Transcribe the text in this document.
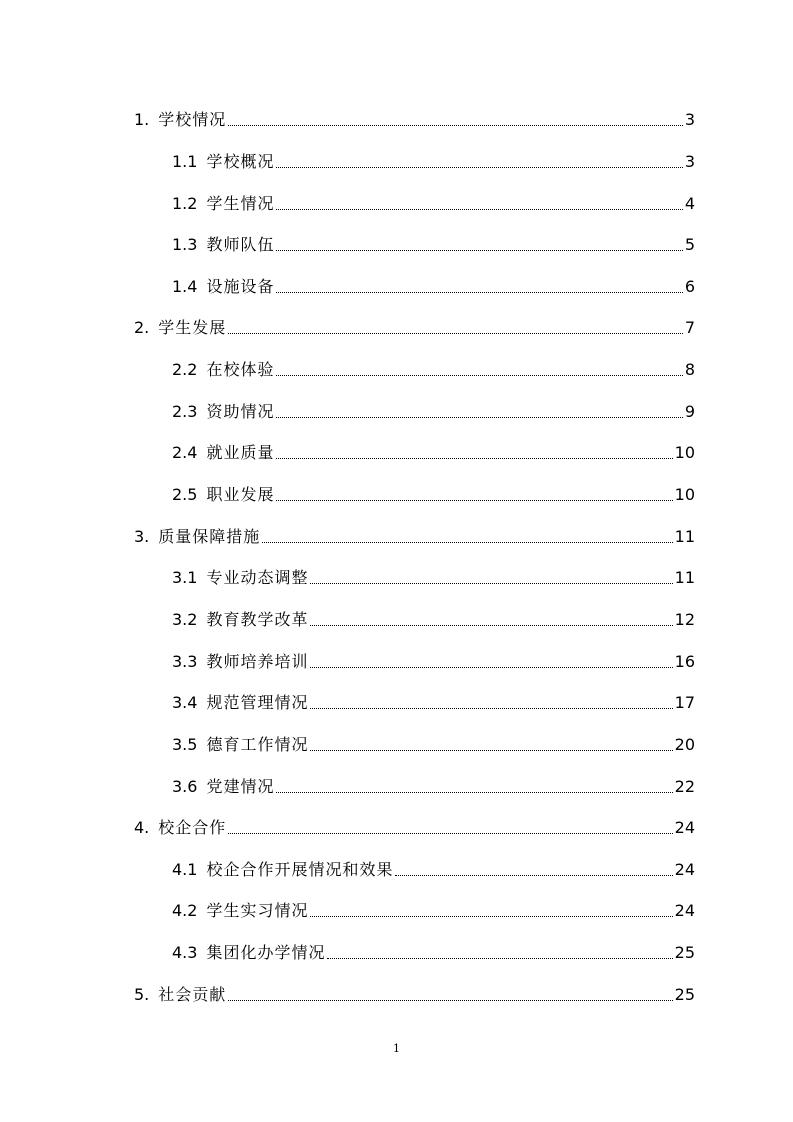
1. 学校情况	3
1.1 学校概况	3
1.2 学生情况	4
1.3 教师队伍	5
1.4 设施设备	6
2. 学生发展	7
2.2 在校体验	8
2.3 资助情况	9
2.4 就业质量	10
2.5 职业发展	10
3. 质量保障措施	11
3.1 专业动态调整	11
3.2 教育教学改革	12
3.3 教师培养培训	16
3.4 规范管理情况	17
3.5 德育工作情况	20
3.6 党建情况	22
4. 校企合作	24
4.1 校企合作开展情况和效果	24
4.2 学生实习情况	24
4.3 集团化办学情况	25
5. 社会贡献	25
1
